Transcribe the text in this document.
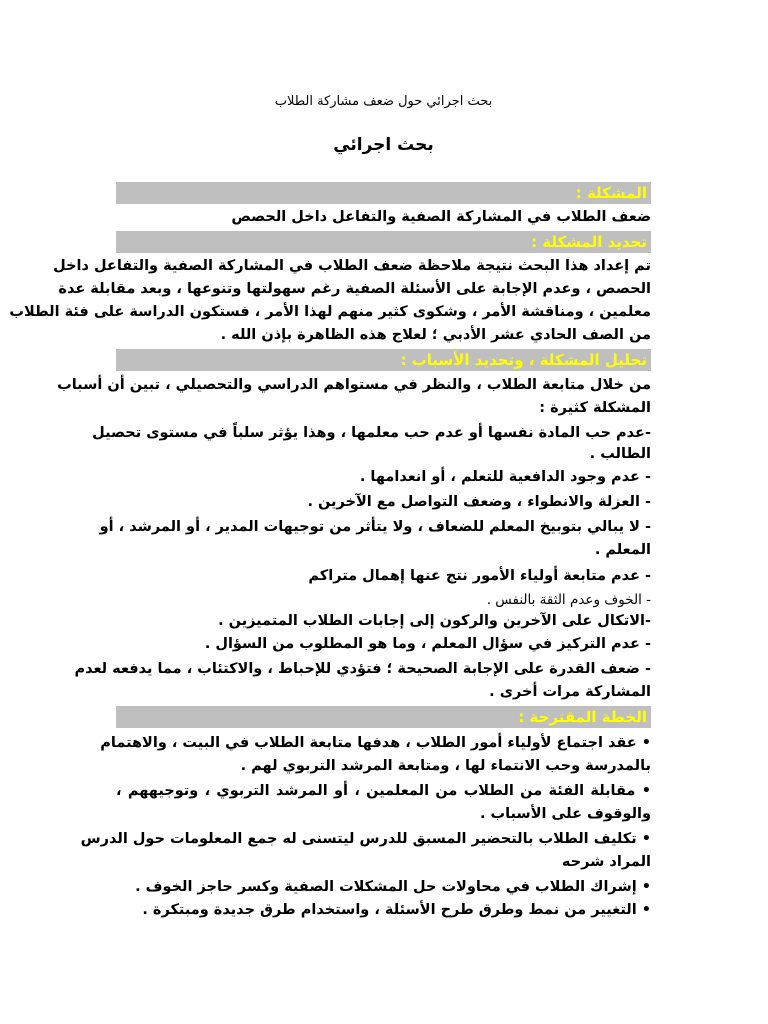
بحث اجرائي حول ضعف مشاركة الطلاب
بحث اجرائي
المشكلة :
ضعف الطلاب في المشاركة الصفية والتفاعل داخل الحصص
تحديد المشكلة :
تم إعداد هذا البحث نتيجة ملاحظة ضعف الطلاب في المشاركة الصفية والتفاعل داخل
الحصص ، وعدم الإجابة على الأسئلة الصفية رغم سهولتها وتنوعها ، وبعد مقابلة عدة
معلمين ، ومناقشة الأمر ، وشكوى كثير منهم لهذا الأمر ، فستكون الدراسة على فئة الطلاب
من الصف الحادي عشر الأدبي ؛ لعلاج هذه الظاهرة بإذن الله .
تحليل المشكلة ، وتحديد الأسباب :
من خلال متابعة الطلاب ، والنظر في مستواهم الدراسي والتحصيلي ، تبين أن أسباب
المشكلة كثيرة :
-عدم حب المادة نفسها أو عدم حب معلمها ، وهذا يؤثر سلباً في مستوى تحصيل
الطالب .
- عدم وجود الدافعية للتعلم ، أو انعدامها .
- العزلة والانطواء ، وضعف التواصل مع الآخرين .
- لا يبالي بتوبيخ المعلم للضعاف ، ولا يتأثر من توجيهات المدير ، أو المرشد ، أو
المعلم .
- عدم متابعة أولياء الأمور نتج عنها إهمال متراكم
- الخوف وعدم الثقة بالنفس .
-الاتكال على الآخرين والركون إلى إجابات الطلاب المتميزين .
- عدم التركيز في سؤال المعلم ، وما هو المطلوب من السؤال .
- ضعف القدرة على الإجابة الصحيحة ؛ فتؤدي للإحباط ، والاكتئاب ، مما يدفعه لعدم
المشاركة مرات أخرى .
الخطة المقترحة :
• عقد اجتماع لأولياء أمور الطلاب ، هدفها متابعة الطلاب في البيت ، والاهتمام
بالمدرسة وحب الانتماء لها ، ومتابعة المرشد التربوي لهم .
• مقابلة الفئة من الطلاب من المعلمين ، أو المرشد التربوي ، وتوجيههم ،
والوقوف على الأسباب .
• تكليف الطلاب بالتحضير المسبق للدرس ليتسنى له جمع المعلومات حول الدرس
المراد شرحه
• إشراك الطلاب في محاولات حل المشكلات الصفية وكسر حاجز الخوف .
• التغيير من نمط وطرق طرح الأسئلة ، واستخدام طرق جديدة ومبتكرة .
